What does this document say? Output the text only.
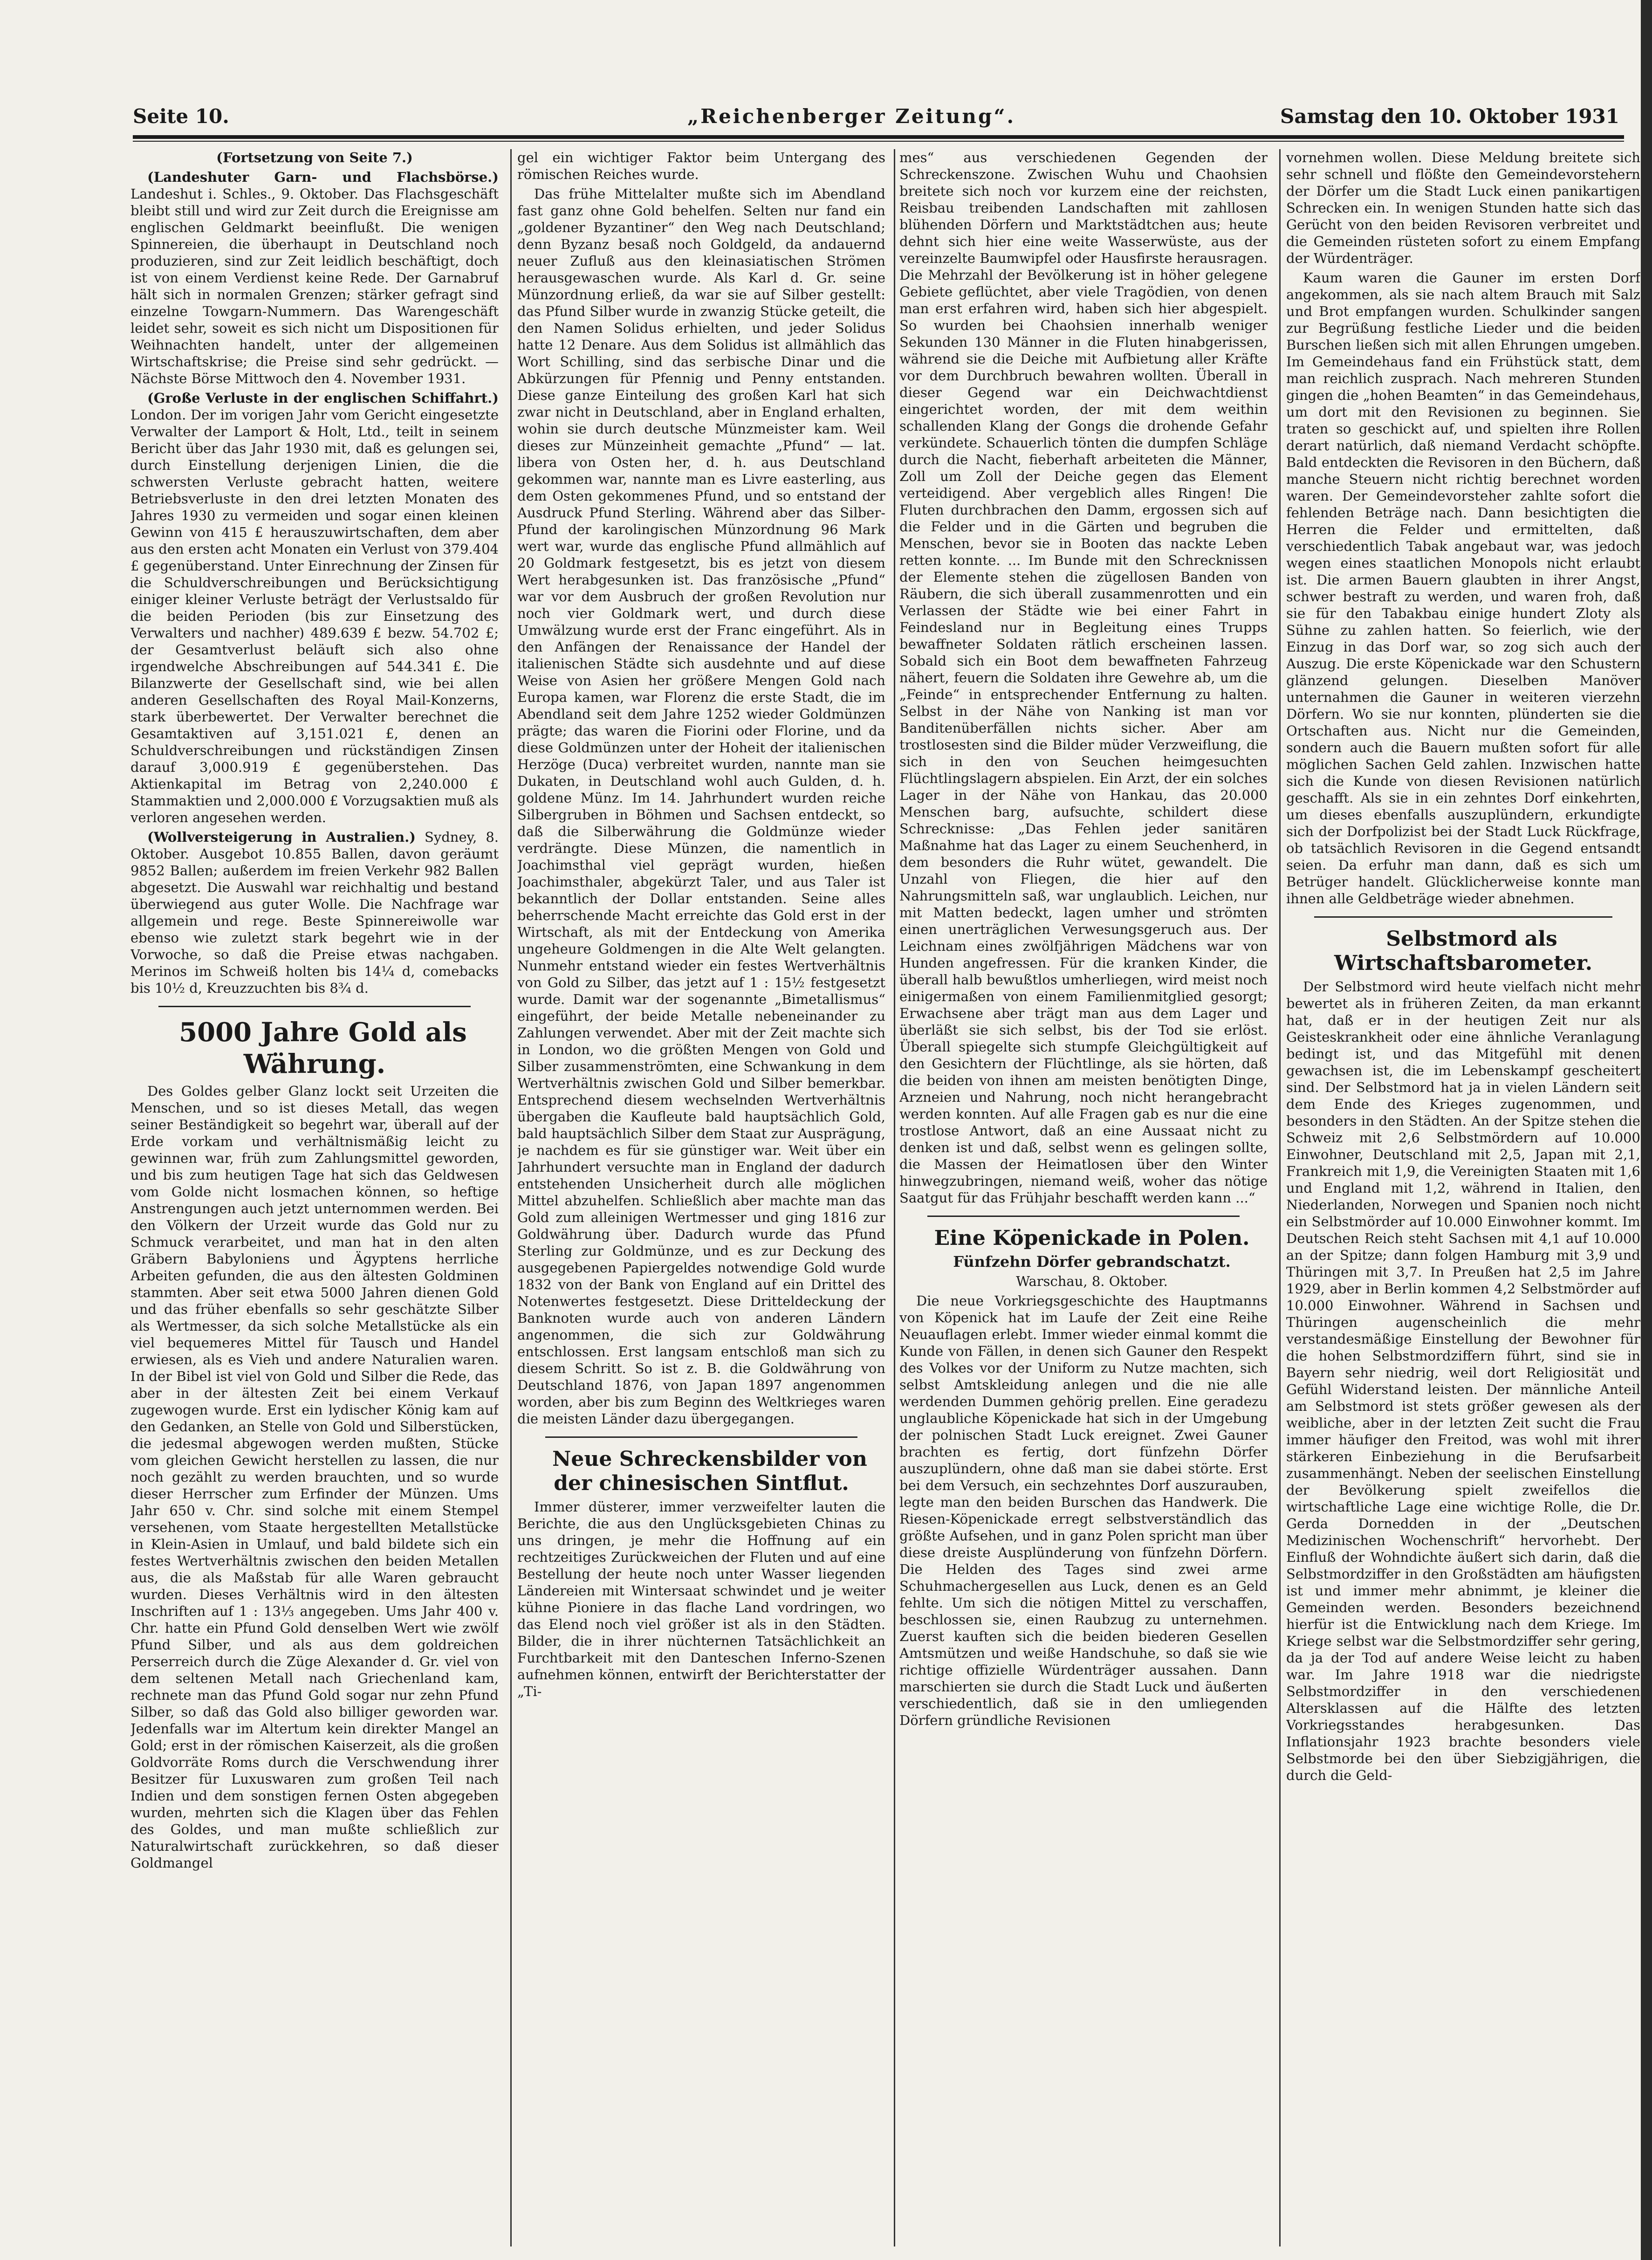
Seite 10.	„Reichenberger Zeitung“.	Samstag den 10. Oktober 1931

(Fortsetzung von Seite 7.)

(Landeshuter Garn- und Flachsbörse.) Landeshut i. Schles., 9. Oktober. Das Flachsgeschäft bleibt still und wird zur Zeit durch die Ereignisse am englischen Geldmarkt beeinflußt. Die wenigen Spinnereien, die überhaupt in Deutschland noch produzieren, sind zur Zeit leidlich beschäftigt, doch ist von einem Verdienst keine Rede. Der Garnabruf hält sich in normalen Grenzen; stärker gefragt sind einzelne Towgarn-Nummern. Das Warengeschäft leidet sehr, soweit es sich nicht um Dispositionen für Weihnachten handelt, unter der allgemeinen Wirtschaftskrise; die Preise sind sehr gedrückt. — Nächste Börse Mittwoch den 4. November 1931.

(Große Verluste in der englischen Schiffahrt.) London. Der im vorigen Jahr vom Gericht eingesetzte Verwalter der Lamport & Holt, Ltd., teilt in seinem Bericht über das Jahr 1930 mit, daß es gelungen sei, durch Einstellung derjenigen Linien, die die schwersten Verluste gebracht hatten, weitere Betriebsverluste in den drei letzten Monaten des Jahres 1930 zu vermeiden und sogar einen kleinen Gewinn von 415 £ herauszuwirtschaften, dem aber aus den ersten acht Monaten ein Verlust von 379.404 £ gegenüberstand. Unter Einrechnung der Zinsen für die Schuldverschreibungen und Berücksichtigung einiger kleiner Verluste beträgt der Verlustsaldo für die beiden Perioden (bis zur Einsetzung des Verwalters und nachher) 489.639 £ bezw. 54.702 £; der Gesamtverlust beläuft sich also ohne irgendwelche Abschreibungen auf 544.341 £. Die Bilanzwerte der Gesellschaft sind, wie bei allen anderen Gesellschaften des Royal Mail-Konzerns, stark überbewertet. Der Verwalter berechnet die Gesamtaktiven auf 3,151.021 £, denen an Schuldverschreibungen und rückständigen Zinsen darauf 3,000.919 £ gegenüberstehen. Das Aktienkapital im Betrag von 2,240.000 £ Stammaktien und 2,000.000 £ Vorzugsaktien muß als verloren angesehen werden.

(Wollversteigerung in Australien.) Sydney, 8. Oktober. Ausgebot 10.855 Ballen, davon geräumt 9852 Ballen; außerdem im freien Verkehr 982 Ballen abgesetzt. Die Auswahl war reichhaltig und bestand überwiegend aus guter Wolle. Die Nachfrage war allgemein und rege. Beste Spinnereiwolle war ebenso wie zuletzt stark begehrt wie in der Vorwoche, so daß die Preise etwas nachgaben. Merinos im Schweiß holten bis 14¼ d, comebacks bis 10½ d, Kreuzzuchten bis 8¾ d.

5000 Jahre Gold als Währung.

Des Goldes gelber Glanz lockt seit Urzeiten die Menschen, und so ist dieses Metall, das wegen seiner Beständigkeit so begehrt war, überall auf der Erde vorkam und verhältnismäßig leicht zu gewinnen war, früh zum Zahlungsmittel geworden, und bis zum heutigen Tage hat sich das Geldwesen vom Golde nicht losmachen können, so heftige Anstrengungen auch jetzt unternommen werden. Bei den Völkern der Urzeit wurde das Gold nur zu Schmuck verarbeitet, und man hat in den alten Gräbern Babyloniens und Ägyptens herrliche Arbeiten gefunden, die aus den ältesten Goldminen stammten. Aber seit etwa 5000 Jahren dienen Gold und das früher ebenfalls so sehr geschätzte Silber als Wertmesser, da sich solche Metallstücke als ein viel bequemeres Mittel für Tausch und Handel erwiesen, als es Vieh und andere Naturalien waren. In der Bibel ist viel von Gold und Silber die Rede, das aber in der ältesten Zeit bei einem Verkauf zugewogen wurde. Erst ein lydischer König kam auf den Gedanken, an Stelle von Gold und Silberstücken, die jedesmal abgewogen werden mußten, Stücke vom gleichen Gewicht herstellen zu lassen, die nur noch gezählt zu werden brauchten, und so wurde dieser Herrscher zum Erfinder der Münzen. Ums Jahr 650 v. Chr. sind solche mit einem Stempel versehenen, vom Staate hergestellten Metallstücke in Klein-Asien in Umlauf, und bald bildete sich ein festes Wertverhältnis zwischen den beiden Metallen aus, die als Maßstab für alle Waren gebraucht wurden. Dieses Verhältnis wird in den ältesten Inschriften auf 1 : 13⅓ angegeben. Ums Jahr 400 v. Chr. hatte ein Pfund Gold denselben Wert wie zwölf Pfund Silber, und als aus dem goldreichen Perserreich durch die Züge Alexander d. Gr. viel von dem seltenen Metall nach Griechenland kam, rechnete man das Pfund Gold sogar nur zehn Pfund Silber, so daß das Gold also billiger geworden war. Jedenfalls war im Altertum kein direkter Mangel an Gold; erst in der römischen Kaiserzeit, als die großen Goldvorräte Roms durch die Verschwendung ihrer Besitzer für Luxuswaren zum großen Teil nach Indien und dem sonstigen fernen Osten abgegeben wurden, mehrten sich die Klagen über das Fehlen des Goldes, und man mußte schließlich zur Naturalwirtschaft zurückkehren, so daß dieser Goldmangel

gel ein wichtiger Faktor beim Untergang des römischen Reiches wurde.

Das frühe Mittelalter mußte sich im Abendland fast ganz ohne Gold behelfen. Selten nur fand ein „goldener Byzantiner“ den Weg nach Deutschland; denn Byzanz besaß noch Goldgeld, da andauernd neuer Zufluß aus den kleinasiatischen Strömen herausgewaschen wurde. Als Karl d. Gr. seine Münzordnung erließ, da war sie auf Silber gestellt: das Pfund Silber wurde in zwanzig Stücke geteilt, die den Namen Solidus erhielten, und jeder Solidus hatte 12 Denare. Aus dem Solidus ist allmählich das Wort Schilling, sind das serbische Dinar und die Abkürzungen für Pfennig und Penny entstanden. Diese ganze Einteilung des großen Karl hat sich zwar nicht in Deutschland, aber in England erhalten, wohin sie durch deutsche Münzmeister kam. Weil dieses zur Münzeinheit gemachte „Pfund“ — lat. libera von Osten her, d. h. aus Deutschland gekommen war, nannte man es Livre easterling, aus dem Osten gekommenes Pfund, und so entstand der Ausdruck Pfund Sterling. Während aber das Silber-Pfund der karolingischen Münzordnung 96 Mark wert war, wurde das englische Pfund allmählich auf 20 Goldmark festgesetzt, bis es jetzt von diesem Wert herabgesunken ist. Das französische „Pfund“ war vor dem Ausbruch der großen Revolution nur noch vier Goldmark wert, und durch diese Umwälzung wurde erst der Franc eingeführt. Als in den Anfängen der Renaissance der Handel der italienischen Städte sich ausdehnte und auf diese Weise von Asien her größere Mengen Gold nach Europa kamen, war Florenz die erste Stadt, die im Abendland seit dem Jahre 1252 wieder Goldmünzen prägte; das waren die Fiorini oder Florine, und da diese Goldmünzen unter der Hoheit der italienischen Herzöge (Duca) verbreitet wurden, nannte man sie Dukaten, in Deutschland wohl auch Gulden, d. h. goldene Münz. Im 14. Jahrhundert wurden reiche Silbergruben in Böhmen und Sachsen entdeckt, so daß die Silberwährung die Goldmünze wieder verdrängte. Diese Münzen, die namentlich in Joachimsthal viel geprägt wurden, hießen Joachimsthaler, abgekürzt Taler, und aus Taler ist bekanntlich der Dollar entstanden. Seine alles beherrschende Macht erreichte das Gold erst in der Wirtschaft, als mit der Entdeckung von Amerika ungeheure Goldmengen in die Alte Welt gelangten. Nunmehr entstand wieder ein festes Wertverhältnis von Gold zu Silber, das jetzt auf 1 : 15½ festgesetzt wurde. Damit war der sogenannte „Bimetallismus“ eingeführt, der beide Metalle nebeneinander zu Zahlungen verwendet. Aber mit der Zeit machte sich in London, wo die größten Mengen von Gold und Silber zusammenströmten, eine Schwankung in dem Wertverhältnis zwischen Gold und Silber bemerkbar. Entsprechend diesem wechselnden Wertverhältnis übergaben die Kaufleute bald hauptsächlich Gold, bald hauptsächlich Silber dem Staat zur Ausprägung, je nachdem es für sie günstiger war. Weit über ein Jahrhundert versuchte man in England der dadurch entstehenden Unsicherheit durch alle möglichen Mittel abzuhelfen. Schließlich aber machte man das Gold zum alleinigen Wertmesser und ging 1816 zur Goldwährung über. Dadurch wurde das Pfund Sterling zur Goldmünze, und es zur Deckung des ausgegebenen Papiergeldes notwendige Gold wurde 1832 von der Bank von England auf ein Drittel des Notenwertes festgesetzt. Diese Dritteldeckung der Banknoten wurde auch von anderen Ländern angenommen, die sich zur Goldwährung entschlossen. Erst langsam entschloß man sich zu diesem Schritt. So ist z. B. die Goldwährung von Deutschland 1876, von Japan 1897 angenommen worden, aber bis zum Beginn des Weltkrieges waren die meisten Länder dazu übergegangen.

Neue Schreckensbilder von der chinesischen Sintflut.

Immer düsterer, immer verzweifelter lauten die Berichte, die aus den Unglücksgebieten Chinas zu uns dringen, je mehr die Hoffnung auf ein rechtzeitiges Zurückweichen der Fluten und auf eine Bestellung der heute noch unter Wasser liegenden Ländereien mit Wintersaat schwindet und je weiter kühne Pioniere in das flache Land vordringen, wo das Elend noch viel größer ist als in den Städten. Bilder, die in ihrer nüchternen Tatsächlichkeit an Furchtbarkeit mit den Danteschen Inferno-Szenen aufnehmen können, entwirft der Berichterstatter der „Ti-

mes“ aus verschiedenen Gegenden der Schreckenszone. Zwischen Wuhu und Chaohsien breitete sich noch vor kurzem eine der reichsten, Reisbau treibenden Landschaften mit zahllosen blühenden Dörfern und Marktstädtchen aus; heute dehnt sich hier eine weite Wasserwüste, aus der vereinzelte Baumwipfel oder Hausfirste herausragen. Die Mehrzahl der Bevölkerung ist in höher gelegene Gebiete geflüchtet, aber viele Tragödien, von denen man erst erfahren wird, haben sich hier abgespielt. So wurden bei Chaohsien innerhalb weniger Sekunden 130 Männer in die Fluten hinabgerissen, während sie die Deiche mit Aufbietung aller Kräfte vor dem Durchbruch bewahren wollten. Überall in dieser Gegend war ein Deichwachtdienst eingerichtet worden, der mit dem weithin schallenden Klang der Gongs die drohende Gefahr verkündete. Schauerlich tönten die dumpfen Schläge durch die Nacht, fieberhaft arbeiteten die Männer, Zoll um Zoll der Deiche gegen das Element verteidigend. Aber vergeblich alles Ringen! Die Fluten durchbrachen den Damm, ergossen sich auf die Felder und in die Gärten und begruben die Menschen, bevor sie in Booten das nackte Leben retten konnte. ... Im Bunde mit den Schrecknissen der Elemente stehen die zügellosen Banden von Räubern, die sich überall zusammenrotten und ein Verlassen der Städte wie bei einer Fahrt in Feindesland nur in Begleitung eines Trupps bewaffneter Soldaten rätlich erscheinen lassen. Sobald sich ein Boot dem bewaffneten Fahrzeug nähert, feuern die Soldaten ihre Gewehre ab, um die „Feinde“ in entsprechender Entfernung zu halten. Selbst in der Nähe von Nanking ist man vor Banditenüberfällen nichts sicher. Aber am trostlosesten sind die Bilder müder Verzweiflung, die sich in den von Seuchen heimgesuchten Flüchtlingslagern abspielen. Ein Arzt, der ein solches Lager in der Nähe von Hankau, das 20.000 Menschen barg, aufsuchte, schildert diese Schrecknisse: „Das Fehlen jeder sanitären Maßnahme hat das Lager zu einem Seuchenherd, in dem besonders die Ruhr wütet, gewandelt. Die Unzahl von Fliegen, die hier auf den Nahrungsmitteln saß, war unglaublich. Leichen, nur mit Matten bedeckt, lagen umher und strömten einen unerträglichen Verwesungsgeruch aus. Der Leichnam eines zwölfjährigen Mädchens war von Hunden angefressen. Für die kranken Kinder, die überall halb bewußtlos umherliegen, wird meist noch einigermaßen von einem Familienmitglied gesorgt; Erwachsene aber trägt man aus dem Lager und überläßt sie sich selbst, bis der Tod sie erlöst. Überall spiegelte sich stumpfe Gleichgültigkeit auf den Gesichtern der Flüchtlinge, als sie hörten, daß die beiden von ihnen am meisten benötigten Dinge, Arzneien und Nahrung, noch nicht herangebracht werden konnten. Auf alle Fragen gab es nur die eine trostlose Antwort, daß an eine Aussaat nicht zu denken ist und daß, selbst wenn es gelingen sollte, die Massen der Heimatlosen über den Winter hinwegzubringen, niemand weiß, woher das nötige Saatgut für das Frühjahr beschafft werden kann ...“

Eine Köpenickade in Polen.

Fünfzehn Dörfer gebrandschatzt.

Warschau, 8. Oktober.

Die neue Vorkriegsgeschichte des Hauptmanns von Köpenick hat im Laufe der Zeit eine Reihe Neuauflagen erlebt. Immer wieder einmal kommt die Kunde von Fällen, in denen sich Gauner den Respekt des Volkes vor der Uniform zu Nutze machten, sich selbst Amtskleidung anlegen und die nie alle werdenden Dummen gehörig prellen. Eine geradezu unglaubliche Köpenickade hat sich in der Umgebung der polnischen Stadt Luck ereignet. Zwei Gauner brachten es fertig, dort fünfzehn Dörfer auszuplündern, ohne daß man sie dabei störte. Erst bei dem Versuch, ein sechzehntes Dorf auszurauben, legte man den beiden Burschen das Handwerk. Die Riesen-Köpenickade erregt selbstverständlich das größte Aufsehen, und in ganz Polen spricht man über diese dreiste Ausplünderung von fünfzehn Dörfern. Die Helden des Tages sind zwei arme Schuhmachergesellen aus Luck, denen es an Geld fehlte. Um sich die nötigen Mittel zu verschaffen, beschlossen sie, einen Raubzug zu unternehmen. Zuerst kauften sich die beiden biederen Gesellen Amtsmützen und weiße Handschuhe, so daß sie wie richtige offizielle Würdenträger aussahen. Dann marschierten sie durch die Stadt Luck und äußerten verschiedentlich, daß sie in den umliegenden Dörfern gründliche Revisionen

vornehmen wollen. Diese Meldung breitete sich sehr schnell und flößte den Gemeindevorstehern der Dörfer um die Stadt Luck einen panikartigen Schrecken ein. In wenigen Stunden hatte sich das Gerücht von den beiden Revisoren verbreitet und die Gemeinden rüsteten sofort zu einem Empfang der Würdenträger.

Kaum waren die Gauner im ersten Dorf angekommen, als sie nach altem Brauch mit Salz und Brot empfangen wurden. Schulkinder sangen zur Begrüßung festliche Lieder und die beiden Burschen ließen sich mit allen Ehrungen umgeben. Im Gemeindehaus fand ein Frühstück statt, dem man reichlich zusprach. Nach mehreren Stunden gingen die „hohen Beamten“ in das Gemeindehaus, um dort mit den Revisionen zu beginnen. Sie traten so geschickt auf, und spielten ihre Rollen derart natürlich, daß niemand Verdacht schöpfte. Bald entdeckten die Revisoren in den Büchern, daß manche Steuern nicht richtig berechnet worden waren. Der Gemeindevorsteher zahlte sofort die fehlenden Beträge nach. Dann besichtigten die Herren die Felder und ermittelten, daß verschiedentlich Tabak angebaut war, was jedoch wegen eines staatlichen Monopols nicht erlaubt ist. Die armen Bauern glaubten in ihrer Angst, schwer bestraft zu werden, und waren froh, daß sie für den Tabakbau einige hundert Zloty als Sühne zu zahlen hatten. So feierlich, wie der Einzug in das Dorf war, so zog sich auch der Auszug. Die erste Köpenickade war den Schustern glänzend gelungen. Dieselben Manöver unternahmen die Gauner in weiteren vierzehn Dörfern. Wo sie nur konnten, plünderten sie die Ortschaften aus. Nicht nur die Gemeinden, sondern auch die Bauern mußten sofort für alle möglichen Sachen Geld zahlen. Inzwischen hatte sich die Kunde von diesen Revisionen natürlich geschafft. Als sie in ein zehntes Dorf einkehrten, um dieses ebenfalls auszuplündern, erkundigte sich der Dorfpolizist bei der Stadt Luck Rückfrage, ob tatsächlich Revisoren in die Gegend entsandt seien. Da erfuhr man dann, daß es sich um Betrüger handelt. Glücklicherweise konnte man ihnen alle Geldbeträge wieder abnehmen.

Selbstmord als Wirtschaftsbarometer.

Der Selbstmord wird heute vielfach nicht mehr bewertet als in früheren Zeiten, da man erkannt hat, daß er in der heutigen Zeit nur als Geisteskrankheit oder eine ähnliche Veranlagung bedingt ist, und das Mitgefühl mit denen gewachsen ist, die im Lebenskampf gescheitert sind. Der Selbstmord hat ja in vielen Ländern seit dem Ende des Krieges zugenommen, und besonders in den Städten. An der Spitze stehen die Schweiz mit 2,6 Selbstmördern auf 10.000 Einwohner, Deutschland mit 2,5, Japan mit 2,1, Frankreich mit 1,9, die Vereinigten Staaten mit 1,6 und England mit 1,2, während in Italien, den Niederlanden, Norwegen und Spanien noch nicht ein Selbstmörder auf 10.000 Einwohner kommt. Im Deutschen Reich steht Sachsen mit 4,1 auf 10.000 an der Spitze; dann folgen Hamburg mit 3,9 und Thüringen mit 3,7. In Preußen hat 2,5 im Jahre 1929, aber in Berlin kommen 4,2 Selbstmörder auf 10.000 Einwohner. Während in Sachsen und Thüringen augenscheinlich die mehr verstandesmäßige Einstellung der Bewohner für die hohen Selbstmordziffern führt, sind sie in Bayern sehr niedrig, weil dort Religiosität und Gefühl Widerstand leisten. Der männliche Anteil am Selbstmord ist stets größer gewesen als der weibliche, aber in der letzten Zeit sucht die Frau immer häufiger den Freitod, was wohl mit ihrer stärkeren Einbeziehung in die Berufsarbeit zusammenhängt. Neben der seelischen Einstellung der Bevölkerung spielt zweifellos die wirtschaftliche Lage eine wichtige Rolle, die Dr. Gerda Dornedden in der „Deutschen Medizinischen Wochenschrift“ hervorhebt. Der Einfluß der Wohndichte äußert sich darin, daß die Selbstmordziffer in den Großstädten am häufigsten ist und immer mehr abnimmt, je kleiner die Gemeinden werden. Besonders bezeichnend hierfür ist die Entwicklung nach dem Kriege. Im Kriege selbst war die Selbstmordziffer sehr gering, da ja der Tod auf andere Weise leicht zu haben war. Im Jahre 1918 war die niedrigste Selbstmordziffer in den verschiedenen Altersklassen auf die Hälfte des letzten Vorkriegsstandes herabgesunken. Das Inflationsjahr 1923 brachte besonders viele Selbstmorde bei den über Siebzigjährigen, die durch die Geld-
